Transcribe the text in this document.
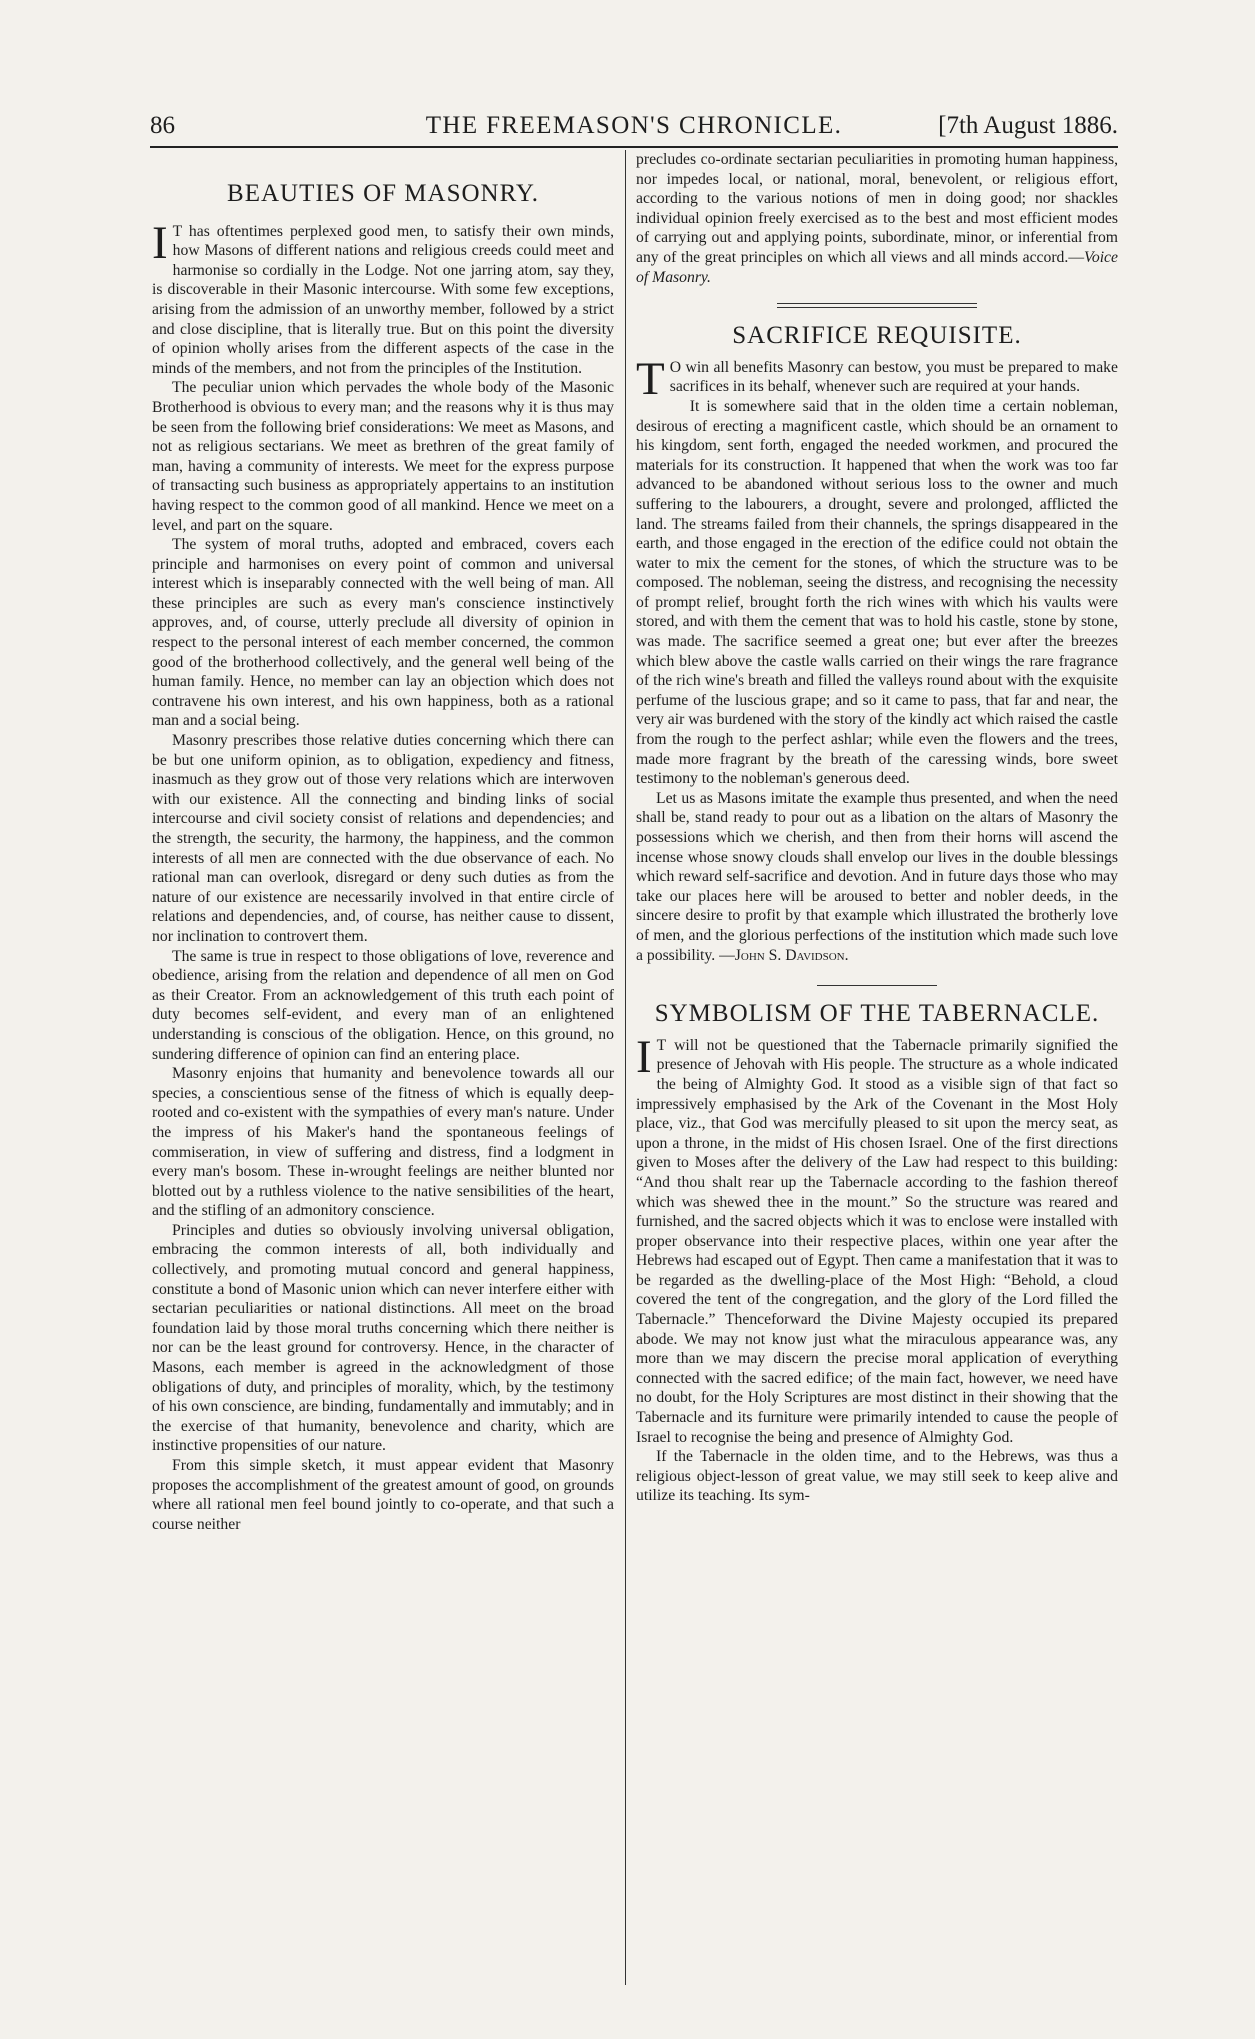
86	THE FREEMASON'S CHRONICLE.	[7th August 1886.
BEAUTIES OF MASONRY.

IT has oftentimes perplexed good men, to satisfy their own minds, how Masons of different nations and religious creeds could meet and harmonise so cordially in the Lodge. Not one jarring atom, say they, is discoverable in their Masonic intercourse. With some few exceptions, arising from the admission of an unworthy member, followed by a strict and close discipline, that is literally true. But on this point the diversity of opinion wholly arises from the different aspects of the case in the minds of the members, and not from the principles of the Institution.

The peculiar union which pervades the whole body of the Masonic Brotherhood is obvious to every man; and the reasons why it is thus may be seen from the following brief considerations: We meet as Masons, and not as religious sectarians. We meet as brethren of the great family of man, having a community of interests. We meet for the express purpose of transacting such business as appropriately appertains to an institution having respect to the common good of all mankind. Hence we meet on a level, and part on the square.

The system of moral truths, adopted and embraced, covers each principle and harmonises on every point of common and universal interest which is inseparably connected with the well being of man. All these principles are such as every man's conscience instinctively approves, and, of course, utterly preclude all diversity of opinion in respect to the personal interest of each member concerned, the common good of the brotherhood collectively, and the general well being of the human family. Hence, no member can lay an objection which does not contravene his own interest, and his own happiness, both as a rational man and a social being.

Masonry prescribes those relative duties concerning which there can be but one uniform opinion, as to obligation, expediency and fitness, inasmuch as they grow out of those very relations which are interwoven with our existence. All the connecting and binding links of social intercourse and civil society consist of relations and dependencies; and the strength, the security, the harmony, the happiness, and the common interests of all men are connected with the due observance of each. No rational man can overlook, disregard or deny such duties as from the nature of our existence are necessarily involved in that entire circle of relations and dependencies, and, of course, has neither cause to dissent, nor inclination to controvert them.

The same is true in respect to those obligations of love, reverence and obedience, arising from the relation and dependence of all men on God as their Creator. From an acknowledgement of this truth each point of duty becomes self-evident, and every man of an enlightened understanding is conscious of the obligation. Hence, on this ground, no sundering difference of opinion can find an entering place.

Masonry enjoins that humanity and benevolence towards all our species, a conscientious sense of the fitness of which is equally deep-rooted and co-existent with the sympathies of every man's nature. Under the impress of his Maker's hand the spontaneous feelings of commiseration, in view of suffering and distress, find a lodgment in every man's bosom. These in-wrought feelings are neither blunted nor blotted out by a ruthless violence to the native sensibilities of the heart, and the stifling of an admonitory conscience.

Principles and duties so obviously involving universal obligation, embracing the common interests of all, both individually and collectively, and promoting mutual concord and general happiness, constitute a bond of Masonic union which can never interfere either with sectarian peculiarities or national distinctions. All meet on the broad foundation laid by those moral truths concerning which there neither is nor can be the least ground for controversy. Hence, in the character of Masons, each member is agreed in the acknowledgment of those obligations of duty, and principles of morality, which, by the testimony of his own conscience, are binding, fundamentally and immutably; and in the exercise of that humanity, benevolence and charity, which are instinctive propensities of our nature.

From this simple sketch, it must appear evident that Masonry proposes the accomplishment of the greatest amount of good, on grounds where all rational men feel bound jointly to co-operate, and that such a course neither

precludes co-ordinate sectarian peculiarities in promoting human happiness, nor impedes local, or national, moral, benevolent, or religious effort, according to the various notions of men in doing good; nor shackles individual opinion freely exercised as to the best and most efficient modes of carrying out and applying points, subordinate, minor, or inferential from any of the great principles on which all views and all minds accord.—Voice of Masonry.

SACRIFICE REQUISITE.

TO win all benefits Masonry can bestow, you must be prepared to make sacrifices in its behalf, whenever such are required at your hands.

It is somewhere said that in the olden time a certain nobleman, desirous of erecting a magnificent castle, which should be an ornament to his kingdom, sent forth, engaged the needed workmen, and procured the materials for its construction. It happened that when the work was too far advanced to be abandoned without serious loss to the owner and much suffering to the labourers, a drought, severe and prolonged, afflicted the land. The streams failed from their channels, the springs disappeared in the earth, and those engaged in the erection of the edifice could not obtain the water to mix the cement for the stones, of which the structure was to be composed. The nobleman, seeing the distress, and recognising the necessity of prompt relief, brought forth the rich wines with which his vaults were stored, and with them the cement that was to hold his castle, stone by stone, was made. The sacrifice seemed a great one; but ever after the breezes which blew above the castle walls carried on their wings the rare fragrance of the rich wine's breath and filled the valleys round about with the exquisite perfume of the luscious grape; and so it came to pass, that far and near, the very air was burdened with the story of the kindly act which raised the castle from the rough to the perfect ashlar; while even the flowers and the trees, made more fragrant by the breath of the caressing winds, bore sweet testimony to the nobleman's generous deed.

Let us as Masons imitate the example thus presented, and when the need shall be, stand ready to pour out as a libation on the altars of Masonry the possessions which we cherish, and then from their horns will ascend the incense whose snowy clouds shall envelop our lives in the double blessings which reward self-sacrifice and devotion. And in future days those who may take our places here will be aroused to better and nobler deeds, in the sincere desire to profit by that example which illustrated the brotherly love of men, and the glorious perfections of the institution which made such love a possibility. —John S. Davidson.

SYMBOLISM OF THE TABERNACLE.

IT will not be questioned that the Tabernacle primarily signified the presence of Jehovah with His people. The structure as a whole indicated the being of Almighty God. It stood as a visible sign of that fact so impressively emphasised by the Ark of the Covenant in the Most Holy place, viz., that God was mercifully pleased to sit upon the mercy seat, as upon a throne, in the midst of His chosen Israel. One of the first directions given to Moses after the delivery of the Law had respect to this building: “And thou shalt rear up the Tabernacle according to the fashion thereof which was shewed thee in the mount.” So the structure was reared and furnished, and the sacred objects which it was to enclose were installed with proper observance into their respective places, within one year after the Hebrews had escaped out of Egypt. Then came a manifestation that it was to be regarded as the dwelling-place of the Most High: “Behold, a cloud covered the tent of the congregation, and the glory of the Lord filled the Tabernacle.” Thenceforward the Divine Majesty occupied its prepared abode. We may not know just what the miraculous appearance was, any more than we may discern the precise moral application of everything connected with the sacred edifice; of the main fact, however, we need have no doubt, for the Holy Scriptures are most distinct in their showing that the Tabernacle and its furniture were primarily intended to cause the people of Israel to recognise the being and presence of Almighty God.

If the Tabernacle in the olden time, and to the Hebrews, was thus a religious object-lesson of great value, we may still seek to keep alive and utilize its teaching. Its sym-
